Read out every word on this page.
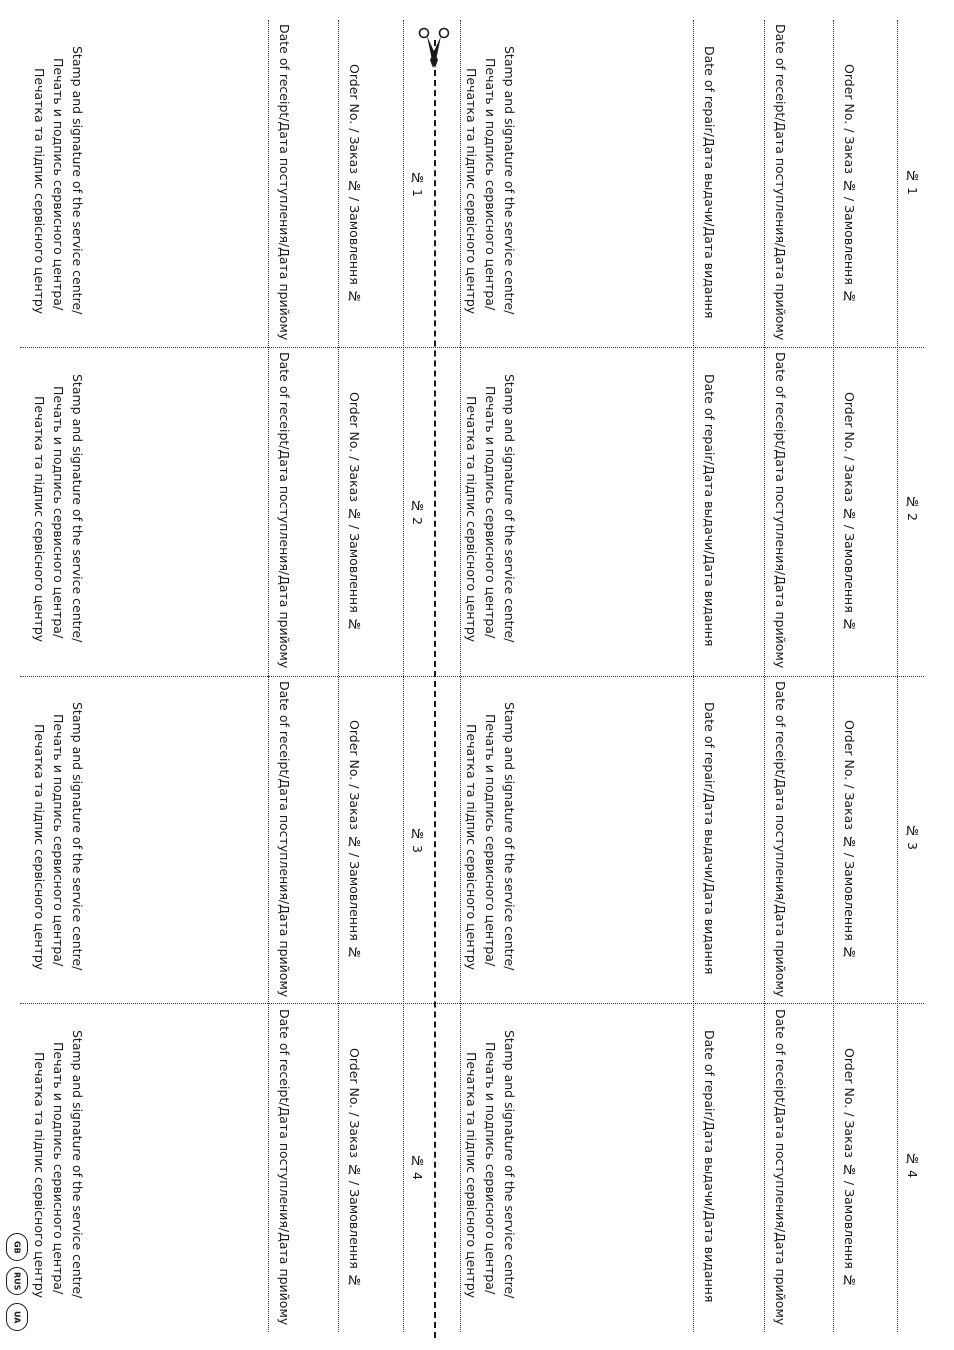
№ 1
Order No. / Заказ № / Замовлення №
Date of receipt/Дата поступления/Дата прийому
Date of repair/Дата выдачи/Дата видання
Stamp and signature of the service centre/
Печать и подпись сервисного центра/
Печатка та підпис сервісного центру
№ 2
Order No. / Заказ № / Замовлення №
Date of receipt/Дата поступления/Дата прийому
Date of repair/Дата выдачи/Дата видання
Stamp and signature of the service centre/
Печать и подпись сервисного центра/
Печатка та підпис сервісного центру
№ 3
Order No. / Заказ № / Замовлення №
Date of receipt/Дата поступления/Дата прийому
Date of repair/Дата выдачи/Дата видання
Stamp and signature of the service centre/
Печать и подпись сервисного центра/
Печатка та підпис сервісного центру
№ 4
Order No. / Заказ № / Замовлення №
Date of receipt/Дата поступления/Дата прийому
Date of repair/Дата выдачи/Дата видання
Stamp and signature of the service centre/
Печать и подпись сервисного центра/
Печатка та підпис сервісного центру
№ 1
Order No. / Заказ № / Замовлення №
Date of receipt/Дата поступления/Дата прийому
Stamp and signature of the service centre/
Печать и подпись сервисного центра/
Печатка та підпис сервісного центру
№ 2
Order No. / Заказ № / Замовлення №
Date of receipt/Дата поступления/Дата прийому
Stamp and signature of the service centre/
Печать и подпись сервисного центра/
Печатка та підпис сервісного центру
№ 3
Order No. / Заказ № / Замовлення №
Date of receipt/Дата поступления/Дата прийому
Stamp and signature of the service centre/
Печать и подпись сервисного центра/
Печатка та підпис сервісного центру
№ 4
Order No. / Заказ № / Замовлення №
Date of receipt/Дата поступления/Дата прийому
Stamp and signature of the service centre/
Печать и подпись сервисного центра/
Печатка та підпис сервісного центру
GB
RUS
UA
